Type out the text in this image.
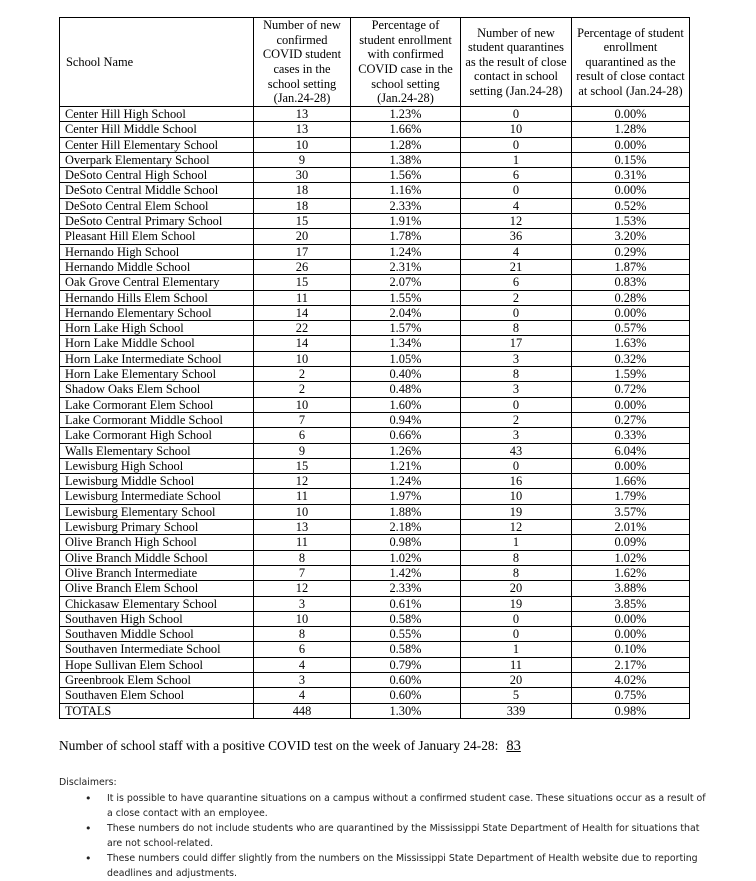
School Name	Number of new confirmed COVID student cases in the school setting (Jan.24-28)	Percentage of student enrollment with confirmed COVID case in the school setting (Jan.24-28)	Number of new student quarantines as the result of close contact in school setting (Jan.24-28)	Percentage of student enrollment quarantined as the result of close contact at school (Jan.24-28)
Center Hill High School	13	1.23%	0	0.00%
Center Hill Middle School	13	1.66%	10	1.28%
Center Hill Elementary School	10	1.28%	0	0.00%
Overpark Elementary School	9	1.38%	1	0.15%
DeSoto Central High School	30	1.56%	6	0.31%
DeSoto Central Middle School	18	1.16%	0	0.00%
DeSoto Central Elem School	18	2.33%	4	0.52%
DeSoto Central Primary School	15	1.91%	12	1.53%
Pleasant Hill Elem School	20	1.78%	36	3.20%
Hernando High School	17	1.24%	4	0.29%
Hernando Middle School	26	2.31%	21	1.87%
Oak Grove Central Elementary	15	2.07%	6	0.83%
Hernando Hills Elem School	11	1.55%	2	0.28%
Hernando Elementary School	14	2.04%	0	0.00%
Horn Lake High School	22	1.57%	8	0.57%
Horn Lake Middle School	14	1.34%	17	1.63%
Horn Lake Intermediate School	10	1.05%	3	0.32%
Horn Lake Elementary School	2	0.40%	8	1.59%
Shadow Oaks Elem School	2	0.48%	3	0.72%
Lake Cormorant Elem School	10	1.60%	0	0.00%
Lake Cormorant Middle School	7	0.94%	2	0.27%
Lake Cormorant High School	6	0.66%	3	0.33%
Walls Elementary School	9	1.26%	43	6.04%
Lewisburg High School	15	1.21%	0	0.00%
Lewisburg Middle School	12	1.24%	16	1.66%
Lewisburg Intermediate School	11	1.97%	10	1.79%
Lewisburg Elementary School	10	1.88%	19	3.57%
Lewisburg Primary School	13	2.18%	12	2.01%
Olive Branch High School	11	0.98%	1	0.09%
Olive Branch Middle School	8	1.02%	8	1.02%
Olive Branch Intermediate	7	1.42%	8	1.62%
Olive Branch Elem School	12	2.33%	20	3.88%
Chickasaw Elementary School	3	0.61%	19	3.85%
Southaven High School	10	0.58%	0	0.00%
Southaven Middle School	8	0.55%	0	0.00%
Southaven Intermediate School	6	0.58%	1	0.10%
Hope Sullivan Elem School	4	0.79%	11	2.17%
Greenbrook Elem School	3	0.60%	20	4.02%
Southaven Elem School	4	0.60%	5	0.75%
TOTALS	448	1.30%	339	0.98%
Number of school staff with a positive COVID test on the week of January 24-28: 83
Disclaimers:
• It is possible to have quarantine situations on a campus without a confirmed student case. These situations occur as a result of a close contact with an employee.
• These numbers do not include students who are quarantined by the Mississippi State Department of Health for situations that are not school-related.
• These numbers could differ slightly from the numbers on the Mississippi State Department of Health website due to reporting deadlines and adjustments.
